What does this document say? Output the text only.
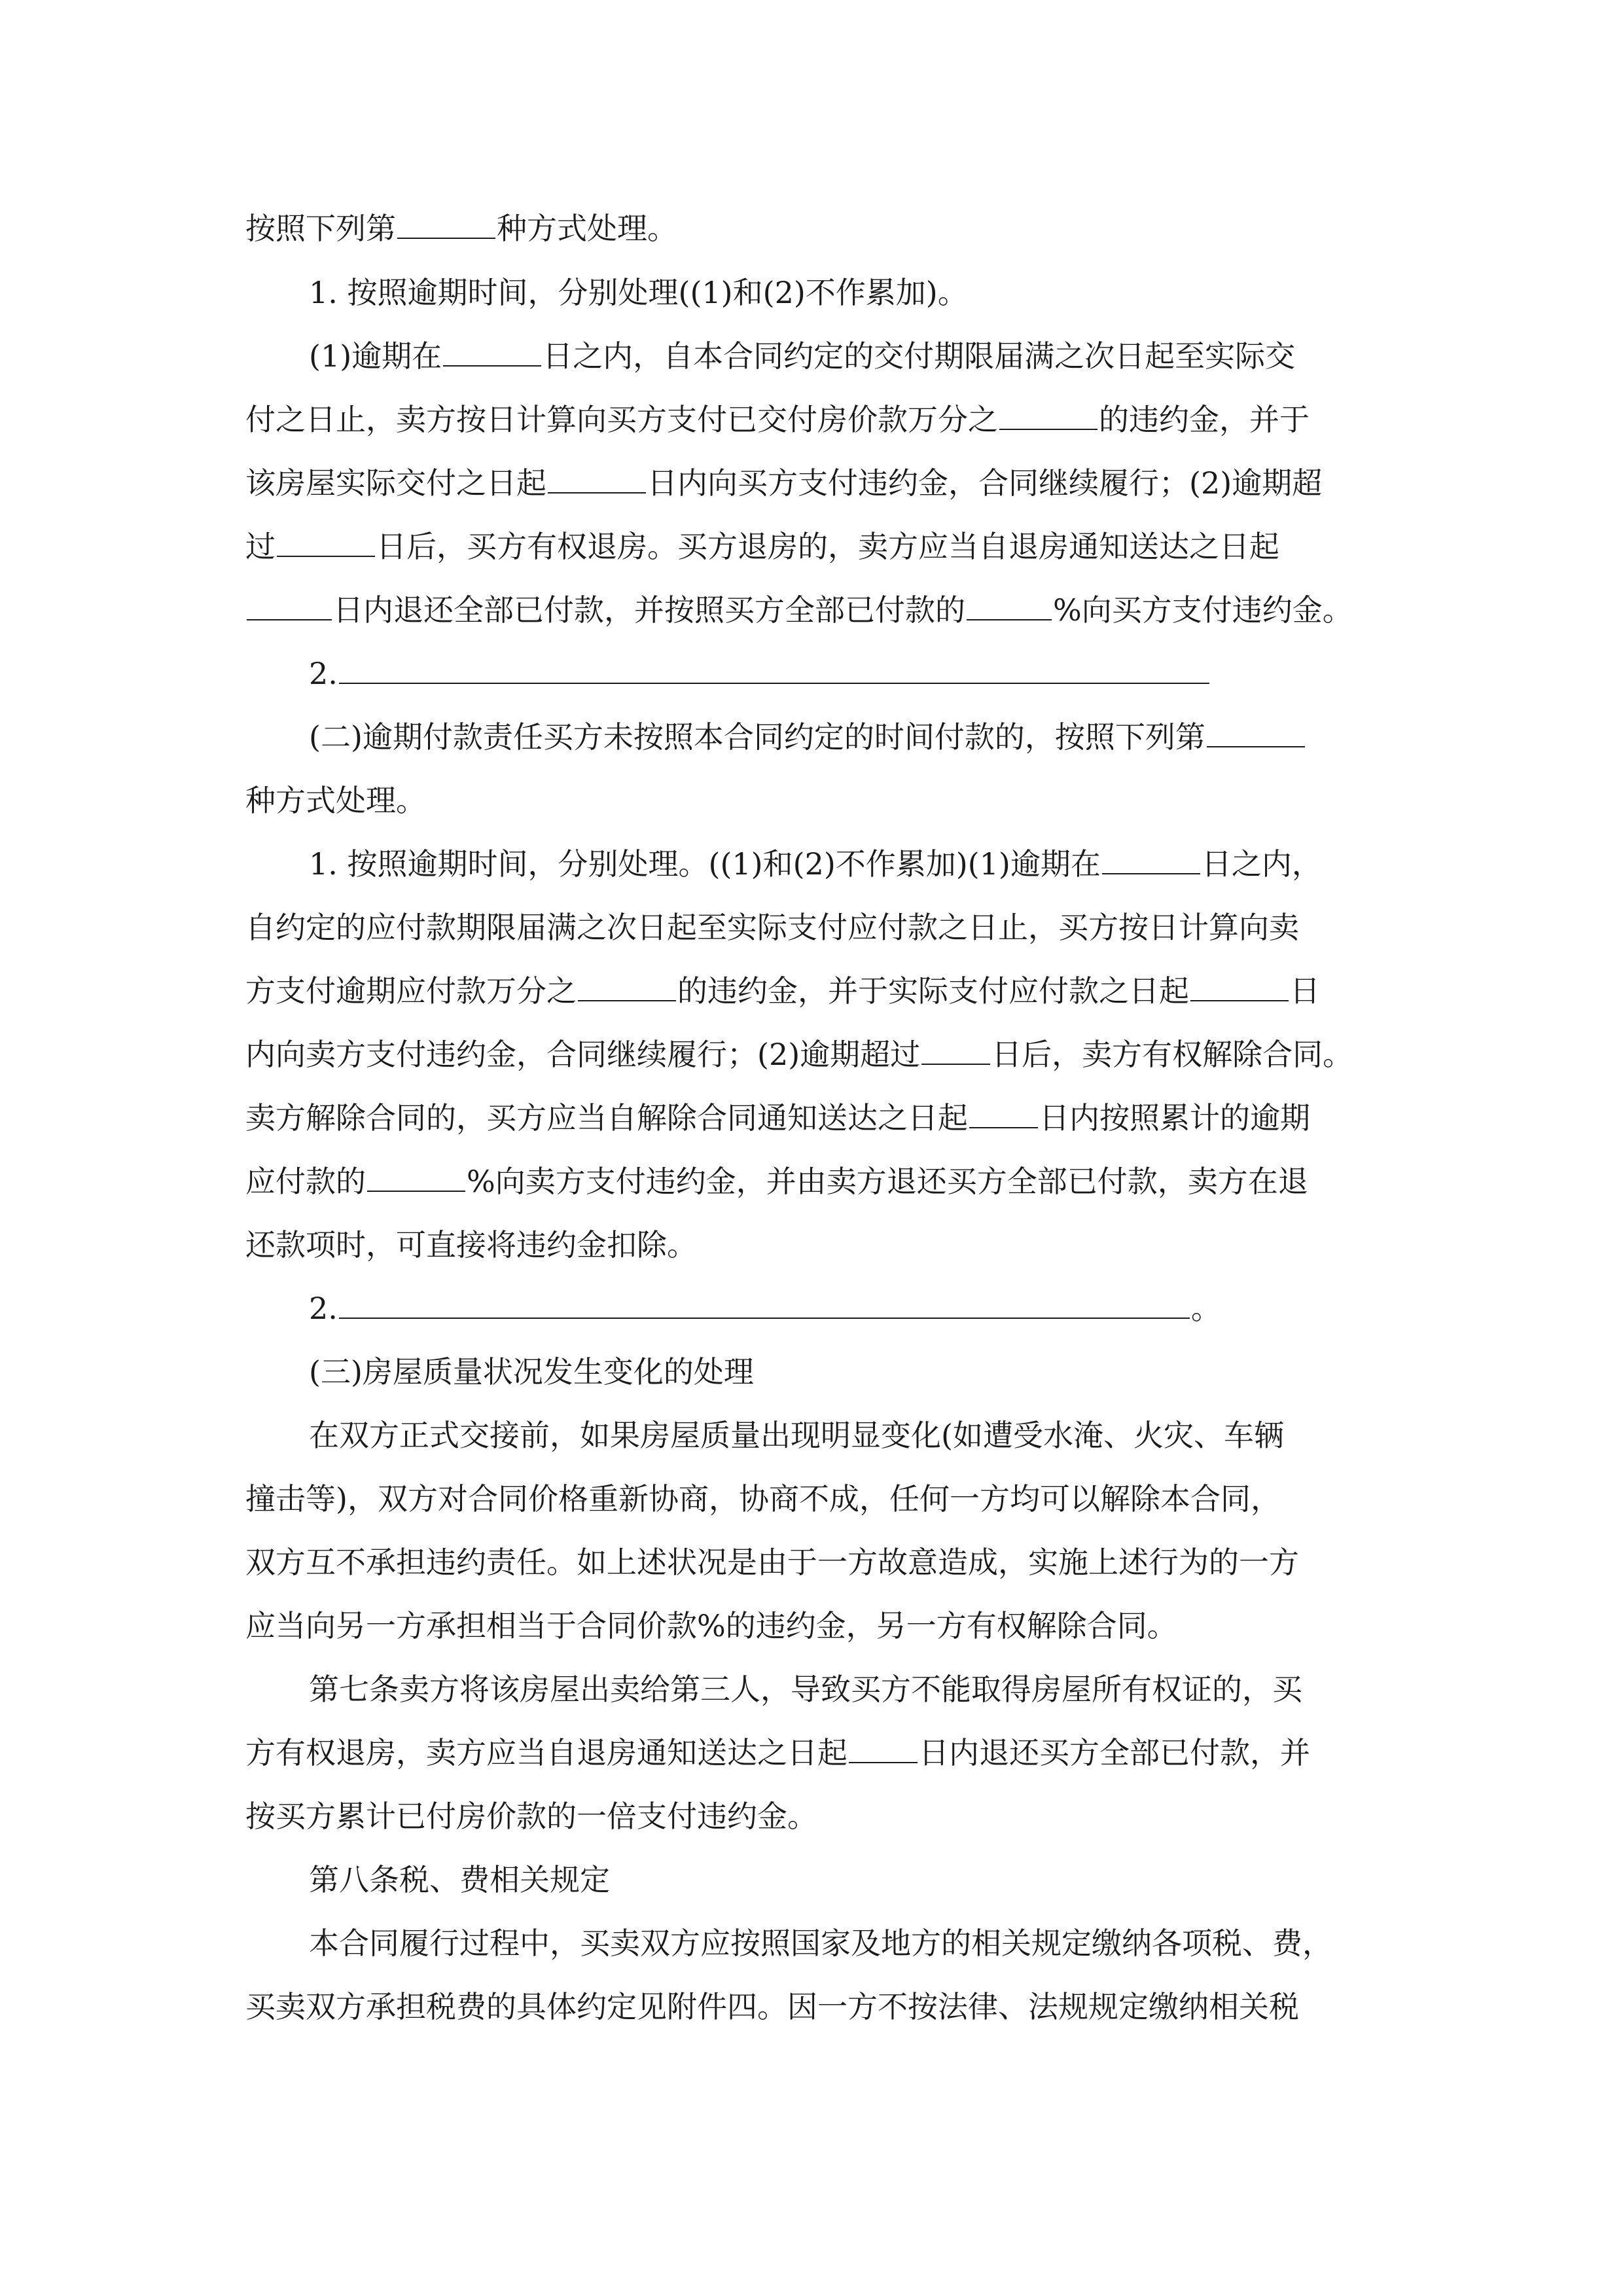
按照下列第	种方式处理。
1. 按照逾期时间，分别处理((1)和(2)不作累加)。
(1)逾期在	日之内，自本合同约定的交付期限届满之次日起至实际交
付之日止，卖方按日计算向买方支付已交付房价款万分之	的违约金，并于
该房屋实际交付之日起	日内向买方支付违约金，合同继续履行；(2)逾期超
过	日后，买方有权退房。买方退房的，卖方应当自退房通知送达之日起
日内退还全部已付款，并按照买方全部已付款的	%向买方支付违约金。
2.
(二)逾期付款责任买方未按照本合同约定的时间付款的，按照下列第
种方式处理。
1. 按照逾期时间，分别处理。((1)和(2)不作累加)(1)逾期在	日之内，
自约定的应付款期限届满之次日起至实际支付应付款之日止，买方按日计算向卖
方支付逾期应付款万分之	的违约金，并于实际支付应付款之日起	日
内向卖方支付违约金，合同继续履行；(2)逾期超过 日后，卖方有权解除合同。
卖方解除合同的，买方应当自解除合同通知送达之日起 日内按照累计的逾期
应付款的	%向卖方支付违约金，并由卖方退还买方全部已付款，卖方在退
还款项时，可直接将违约金扣除。
2.	。
(三)房屋质量状况发生变化的处理
在双方正式交接前，如果房屋质量出现明显变化(如遭受水淹、火灾、车辆
撞击等)，双方对合同价格重新协商，协商不成，任何一方均可以解除本合同，
双方互不承担违约责任。如上述状况是由于一方故意造成，实施上述行为的一方
应当向另一方承担相当于合同价款%的违约金，另一方有权解除合同。
第七条卖方将该房屋出卖给第三人，导致买方不能取得房屋所有权证的，买
方有权退房，卖方应当自退房通知送达之日起 日内退还买方全部已付款，并
按买方累计已付房价款的一倍支付违约金。
第八条税、费相关规定
本合同履行过程中，买卖双方应按照国家及地方的相关规定缴纳各项税、费，
买卖双方承担税费的具体约定见附件四。因一方不按法律、法规规定缴纳相关税
